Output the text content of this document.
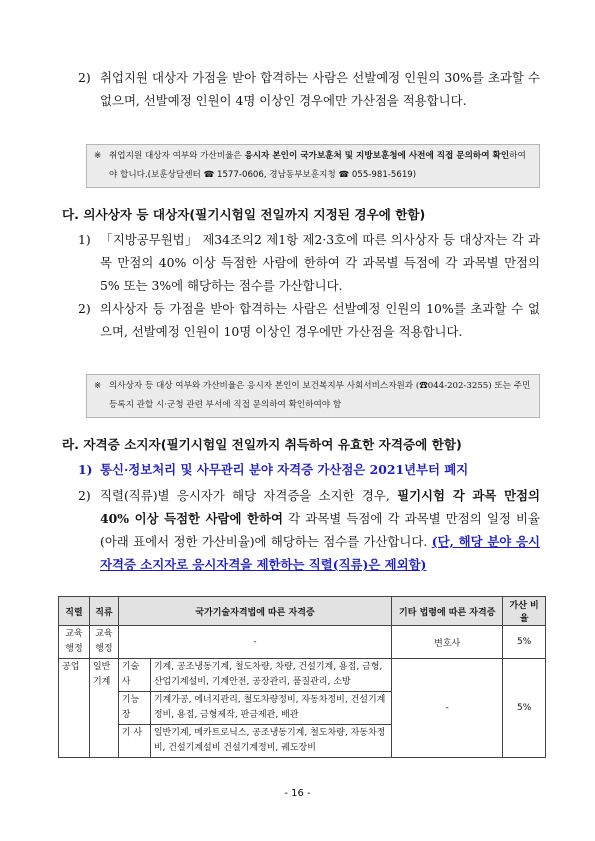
2) 취업지원 대상자 가점을 받아 합격하는 사람은 선발예정 인원의 30%를 초과할 수 없으며, 선발예정 인원이 4명 이상인 경우에만 가산점을 적용합니다.
※ 취업지원 대상자 여부와 가산비율은 응시자 본인이 국가보훈처 및 지방보훈청에 사전에 직접 문의하여 확인하여야 합니다.(보훈상담센터 ☎ 1577-0606, 경남동부보훈지청 ☎ 055-981-5619)
다. 의사상자 등 대상자(필기시험일 전일까지 지정된 경우에 한함)
1) 「지방공무원법」 제34조의2 제1항 제2·3호에 따른 의사상자 등 대상자는 각 과목 만점의 40% 이상 득점한 사람에 한하여 각 과목별 득점에 각 과목별 만점의 5% 또는 3%에 해당하는 점수를 가산합니다.
2) 의사상자 등 가점을 받아 합격하는 사람은 선발예정 인원의 10%를 초과할 수 없으며, 선발예정 인원이 10명 이상인 경우에만 가산점을 적용합니다.
※ 의사상자 등 대상 여부와 가산비율은 응시자 본인이 보건복지부 사회서비스자원과 (☎044-202-3255) 또는 주민등록지 관할 시·군청 관련 부서에 직접 문의하여 확인하여야 함
라. 자격증 소지자(필기시험일 전일까지 취득하여 유효한 자격증에 한함)
1) 통신·정보처리 및 사무관리 분야 자격증 가산점은 2021년부터 폐지
2) 직렬(직류)별 응시자가 해당 자격증을 소지한 경우, 필기시험 각 과목 만점의 40% 이상 득점한 사람에 한하여 각 과목별 득점에 각 과목별 만점의 일정 비율(아래 표에서 정한 가산비율)에 해당하는 점수를 가산합니다. (단, 해당 분야 응시자격증 소지자로 응시자격을 제한하는 직렬(직류)은 제외함)
직렬	직류	국가기술자격법에 따른 자격증		기타 법령에 따른 자격증	가산 비율
교육 행정	교육 행정	-		변호사	5%
공업	일반 기계	기술사	기계, 공조냉동기계, 철도차량, 차량, 건설기계, 용접, 금형, 산업기계설비, 기계안전, 공장관리, 품질관리, 소방	-	5%
		기능장	기계가공, 에너지관리, 철도차량정비, 자동차정비, 건설기계정비, 용접, 금형제작, 판금제관, 배관		
		기 사	일반기계, 메카트로닉스, 공조냉동기계, 철도차량, 자동차정비, 건설기계설비 건설기계정비, 궤도장비		
- 16 -
